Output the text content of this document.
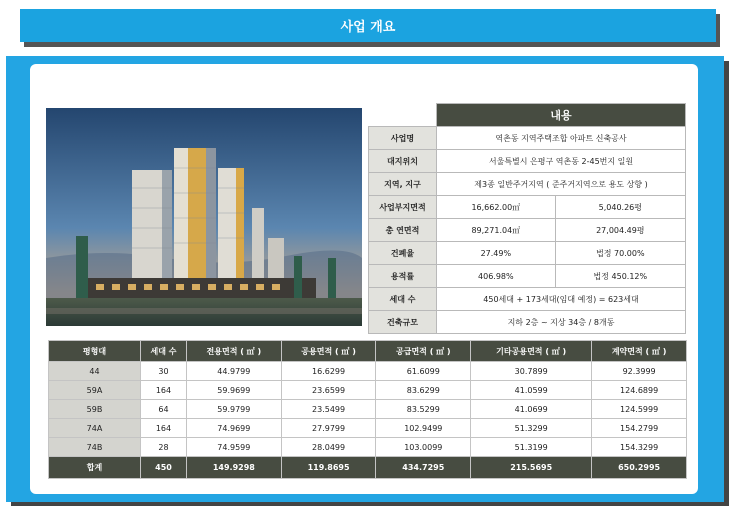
사업 개요
	내용	
사업명	역촌동 지역주택조합 아파트 신축공사	
대지위치	서울특별시 은평구 역촌동 2-45번지 일원	
지역, 지구	제3종 일반주거지역 ( 준주거지역으로 용도 상향 )	
사업부지면적	16,662.00㎡	5,040.26평
총 연면적	89,271.04㎡	27,004.49평
건폐율	27.49%	법정 70.00%
용적률	406.98%	법정 450.12%
세대 수	450세대 + 173세대(임대 예정) = 623세대	
건축규모	지하 2층 ~ 지상 34층 / 8개동	
평형대	세대 수	전용면적 ( ㎡ )	공용면적 ( ㎡ )	공급면적 ( ㎡ )	기타공용면적 ( ㎡ )	계약면적 ( ㎡ )
44	30	44.9799	16.6299	61.6099	30.7899	92.3999
59A	164	59.9699	23.6599	83.6299	41.0599	124.6899
59B	64	59.9799	23.5499	83.5299	41.0699	124.5999
74A	164	74.9699	27.9799	102.9499	51.3299	154.2799
74B	28	74.9599	28.0499	103.0099	51.3199	154.3299
합계	450	149.9298	119.8695	434.7295	215.5695	650.2995
